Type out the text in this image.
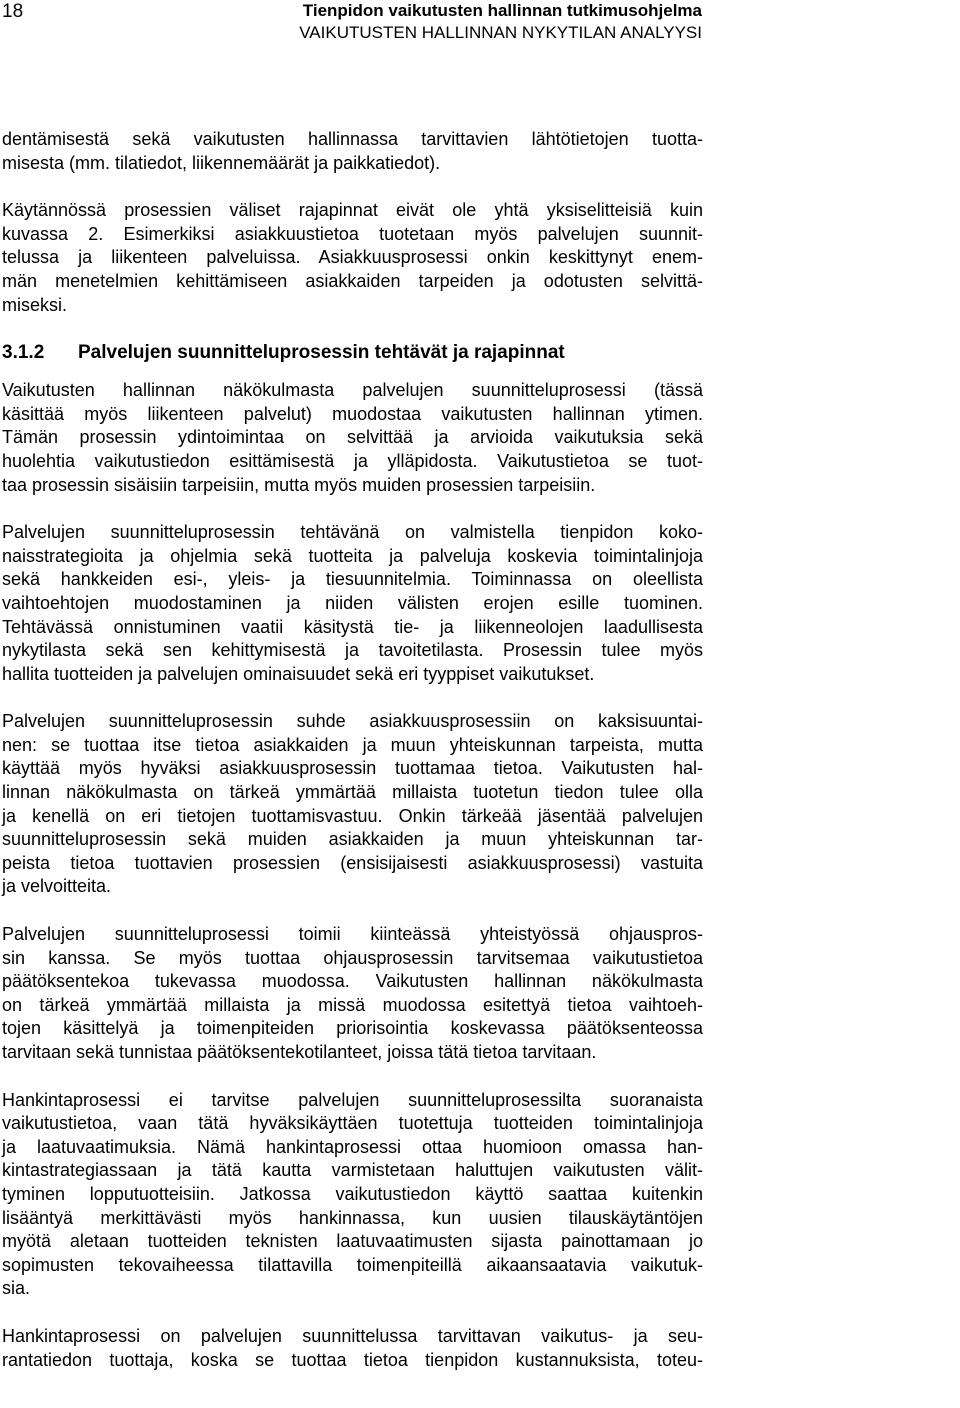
18	Tienpidon vaikutusten hallinnan tutkimusohjelma
VAIKUTUSTEN HALLINNAN NYKYTILAN ANALYYSI
dentämisestä sekä vaikutusten hallinnassa tarvittavien lähtötietojen tuotta-
misesta (mm. tilatiedot, liikennemäärät ja paikkatiedot).
Käytännössä prosessien väliset rajapinnat eivät ole yhtä yksiselitteisiä kuin
kuvassa 2. Esimerkiksi asiakkuustietoa tuotetaan myös palvelujen suunnit-
telussa ja liikenteen palveluissa. Asiakkuusprosessi onkin keskittynyt enem-
män menetelmien kehittämiseen asiakkaiden tarpeiden ja odotusten selvittä-
miseksi.
3.1.2 Palvelujen suunnitteluprosessin tehtävät ja rajapinnat
Vaikutusten hallinnan näkökulmasta palvelujen suunnitteluprosessi (tässä
käsittää myös liikenteen palvelut) muodostaa vaikutusten hallinnan ytimen.
Tämän prosessin ydintoimintaa on selvittää ja arvioida vaikutuksia sekä
huolehtia vaikutustiedon esittämisestä ja ylläpidosta. Vaikutustietoa se tuot-
taa prosessin sisäisiin tarpeisiin, mutta myös muiden prosessien tarpeisiin.
Palvelujen suunnitteluprosessin tehtävänä on valmistella tienpidon koko-
naisstrategioita ja ohjelmia sekä tuotteita ja palveluja koskevia toimintalinjoja
sekä hankkeiden esi-, yleis- ja tiesuunnitelmia. Toiminnassa on oleellista
vaihtoehtojen muodostaminen ja niiden välisten erojen esille tuominen.
Tehtävässä onnistuminen vaatii käsitystä tie- ja liikenneolojen laadullisesta
nykytilasta sekä sen kehittymisestä ja tavoitetilasta. Prosessin tulee myös
hallita tuotteiden ja palvelujen ominaisuudet sekä eri tyyppiset vaikutukset.
Palvelujen suunnitteluprosessin suhde asiakkuusprosessiin on kaksisuuntai-
nen: se tuottaa itse tietoa asiakkaiden ja muun yhteiskunnan tarpeista, mutta
käyttää myös hyväksi asiakkuusprosessin tuottamaa tietoa. Vaikutusten hal-
linnan näkökulmasta on tärkeä ymmärtää millaista tuotetun tiedon tulee olla
ja kenellä on eri tietojen tuottamisvastuu. Onkin tärkeää jäsentää palvelujen
suunnitteluprosessin sekä muiden asiakkaiden ja muun yhteiskunnan tar-
peista tietoa tuottavien prosessien (ensisijaisesti asiakkuusprosessi) vastuita
ja velvoitteita.
Palvelujen suunnitteluprosessi toimii kiinteässä yhteistyössä ohjauspros-
sin kanssa. Se myös tuottaa ohjausprosessin tarvitsemaa vaikutustietoa
päätöksentekoa tukevassa muodossa. Vaikutusten hallinnan näkökulmasta
on tärkeä ymmärtää millaista ja missä muodossa esitettyä tietoa vaihtoeh-
tojen käsittelyä ja toimenpiteiden priorisointia koskevassa päätöksenteossa
tarvitaan sekä tunnistaa päätöksentekotilanteet, joissa tätä tietoa tarvitaan.
Hankintaprosessi ei tarvitse palvelujen suunnitteluprosessilta suoranaista
vaikutustietoa, vaan tätä hyväksikäyttäen tuotettuja tuotteiden toimintalinjoja
ja laatuvaatimuksia. Nämä hankintaprosessi ottaa huomioon omassa han-
kintastrategiassaan ja tätä kautta varmistetaan haluttujen vaikutusten välit-
tyminen lopputuotteisiin. Jatkossa vaikutustiedon käyttö saattaa kuitenkin
lisääntyä merkittävästi myös hankinnassa, kun uusien tilauskäytäntöjen
myötä aletaan tuotteiden teknisten laatuvaatimusten sijasta painottamaan jo
sopimusten tekovaiheessa tilattavilla toimenpiteillä aikaansaatavia vaikutuk-
sia.
Hankintaprosessi on palvelujen suunnittelussa tarvittavan vaikutus- ja seu-
rantatiedon tuottaja, koska se tuottaa tietoa tienpidon kustannuksista, toteu-
